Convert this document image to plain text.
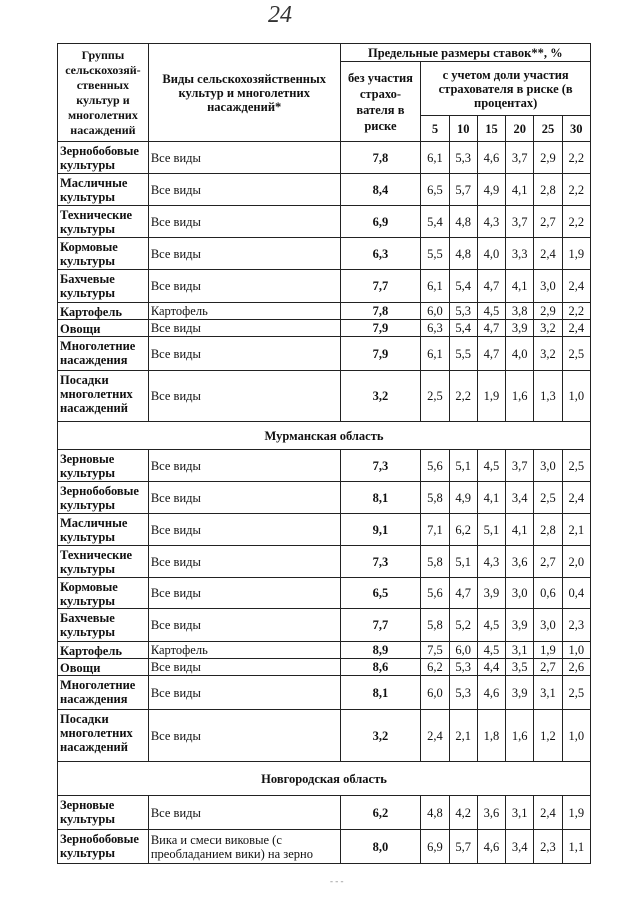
24
Группы сельскохозяй-ственных культур и многолетних насаждений	Виды сельскохозяйственных культур и многолетних насаждений*	Предельные размеры ставок**, %						
		без участия страхо-вателя в риске	с учетом доли участия страхователя в риске (в процентах)					
			5	10	15	20	25	30
Зернобобовые культуры	Все виды	7,8	6,1	5,3	4,6	3,7	2,9	2,2
Масличные культуры	Все виды	8,4	6,5	5,7	4,9	4,1	2,8	2,2
Технические культуры	Все виды	6,9	5,4	4,8	4,3	3,7	2,7	2,2
Кормовые культуры	Все виды	6,3	5,5	4,8	4,0	3,3	2,4	1,9
Бахчевые культуры	Все виды	7,7	6,1	5,4	4,7	4,1	3,0	2,4
Картофель	Картофель	7,8	6,0	5,3	4,5	3,8	2,9	2,2
Овощи	Все виды	7,9	6,3	5,4	4,7	3,9	3,2	2,4
Многолетние насаждения	Все виды	7,9	6,1	5,5	4,7	4,0	3,2	2,5
Посадки многолетних насаждений	Все виды	3,2	2,5	2,2	1,9	1,6	1,3	1,0
Мурманская область								
Зерновые культуры	Все виды	7,3	5,6	5,1	4,5	3,7	3,0	2,5
Зернобобовые культуры	Все виды	8,1	5,8	4,9	4,1	3,4	2,5	2,4
Масличные культуры	Все виды	9,1	7,1	6,2	5,1	4,1	2,8	2,1
Технические культуры	Все виды	7,3	5,8	5,1	4,3	3,6	2,7	2,0
Кормовые культуры	Все виды	6,5	5,6	4,7	3,9	3,0	0,6	0,4
Бахчевые культуры	Все виды	7,7	5,8	5,2	4,5	3,9	3,0	2,3
Картофель	Картофель	8,9	7,5	6,0	4,5	3,1	1,9	1,0
Овощи	Все виды	8,6	6,2	5,3	4,4	3,5	2,7	2,6
Многолетние насаждения	Все виды	8,1	6,0	5,3	4,6	3,9	3,1	2,5
Посадки многолетних насаждений	Все виды	3,2	2,4	2,1	1,8	1,6	1,2	1,0
Новгородская область								
Зерновые культуры	Все виды	6,2	4,8	4,2	3,6	3,1	2,4	1,9
Зернобобовые культуры	Вика и смеси виковые (с преобладанием вики) на зерно	8,0	6,9	5,7	4,6	3,4	2,3	1,1
- - -
